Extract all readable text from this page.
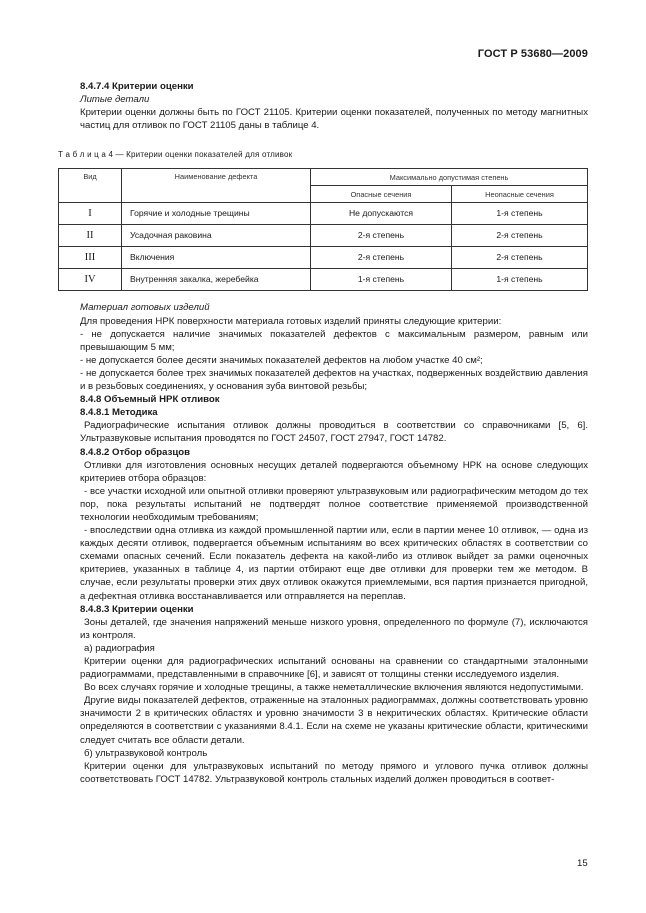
ГОСТ Р 53680—2009

8.4.7.4 Критерии оценки

Литые детали

Критерии оценки должны быть по ГОСТ 21105. Критерии оценки показателей, полученных по методу магнитных частиц для отливок по ГОСТ 21105 даны в таблице 4.

Т а б л и ц а 4 — Критерии оценки показателей для отливок

Вид	Наименование дефекта	Максимально допустимая степень	
		Опасные сечения	Неопасные сечения
I	Горячие и холодные трещины	Не допускаются	1-я степень
II	Усадочная раковина	2-я степень	2-я степень
III	Включения	2-я степень	2-я степень
IV	Внутренняя закалка, жеребейка	1-я степень	1-я степень

Материал готовых изделий

Для проведения НРК поверхности материала готовых изделий приняты следующие критерии:

- не допускается наличие значимых показателей дефектов с максимальным размером, равным или превышающим 5 мм;

- не допускается более десяти значимых показателей дефектов на любом участке 40 см²;

- не допускается более трех значимых показателей дефектов на участках, подверженных воздействию давления и в резьбовых соединениях, у основания зуба винтовой резьбы;

8.4.8 Объемный НРК отливок

8.4.8.1 Методика

Радиографические испытания отливок должны проводиться в соответствии со справочниками [5, 6]. Ультразвуковые испытания проводятся по ГОСТ 24507, ГОСТ 27947, ГОСТ 14782.

8.4.8.2 Отбор образцов

Отливки для изготовления основных несущих деталей подвергаются объемному НРК на основе следующих критериев отбора образцов:

- все участки исходной или опытной отливки проверяют ультразвуковым или радиографическим методом до тех пор, пока результаты испытаний не подтвердят полное соответствие применяемой производственной технологии необходимым требованиям;

- впоследствии одна отливка из каждой промышленной партии или, если в партии менее 10 отливок, — одна из каждых десяти отливок, подвергается объемным испытаниям во всех критических областях в соответствии со схемами опасных сечений. Если показатель дефекта на какой-либо из отливок выйдет за рамки оценочных критериев, указанных в таблице 4, из партии отбирают еще две отливки для проверки тем же методом. В случае, если результаты проверки этих двух отливок окажутся приемлемыми, вся партия признается пригодной, а дефектная отливка восстанавливается или отправляется на переплав.

8.4.8.3 Критерии оценки

Зоны деталей, где значения напряжений меньше низкого уровня, определенного по формуле (7), исключаются из контроля.

а) радиография

Критерии оценки для радиографических испытаний основаны на сравнении со стандартными эталонными радиограммами, представленными в справочнике [6], и зависят от толщины стенки исследуемого изделия.

Во всех случаях горячие и холодные трещины, а также неметаллические включения являются недопустимыми.

Другие виды показателей дефектов, отраженные на эталонных радиограммах, должны соответствовать уровню значимости 2 в критических областях и уровню значимости 3 в некритических областях. Критические области определяются в соответствии с указаниями 8.4.1. Если на схеме не указаны критические области, критическими следует считать все области детали.

б) ультразвуковой контроль

Критерии оценки для ультразвуковых испытаний по методу прямого и углового пучка отливок должны соответствовать ГОСТ 14782. Ультразвуковой контроль стальных изделий должен проводиться в соответ-

15
